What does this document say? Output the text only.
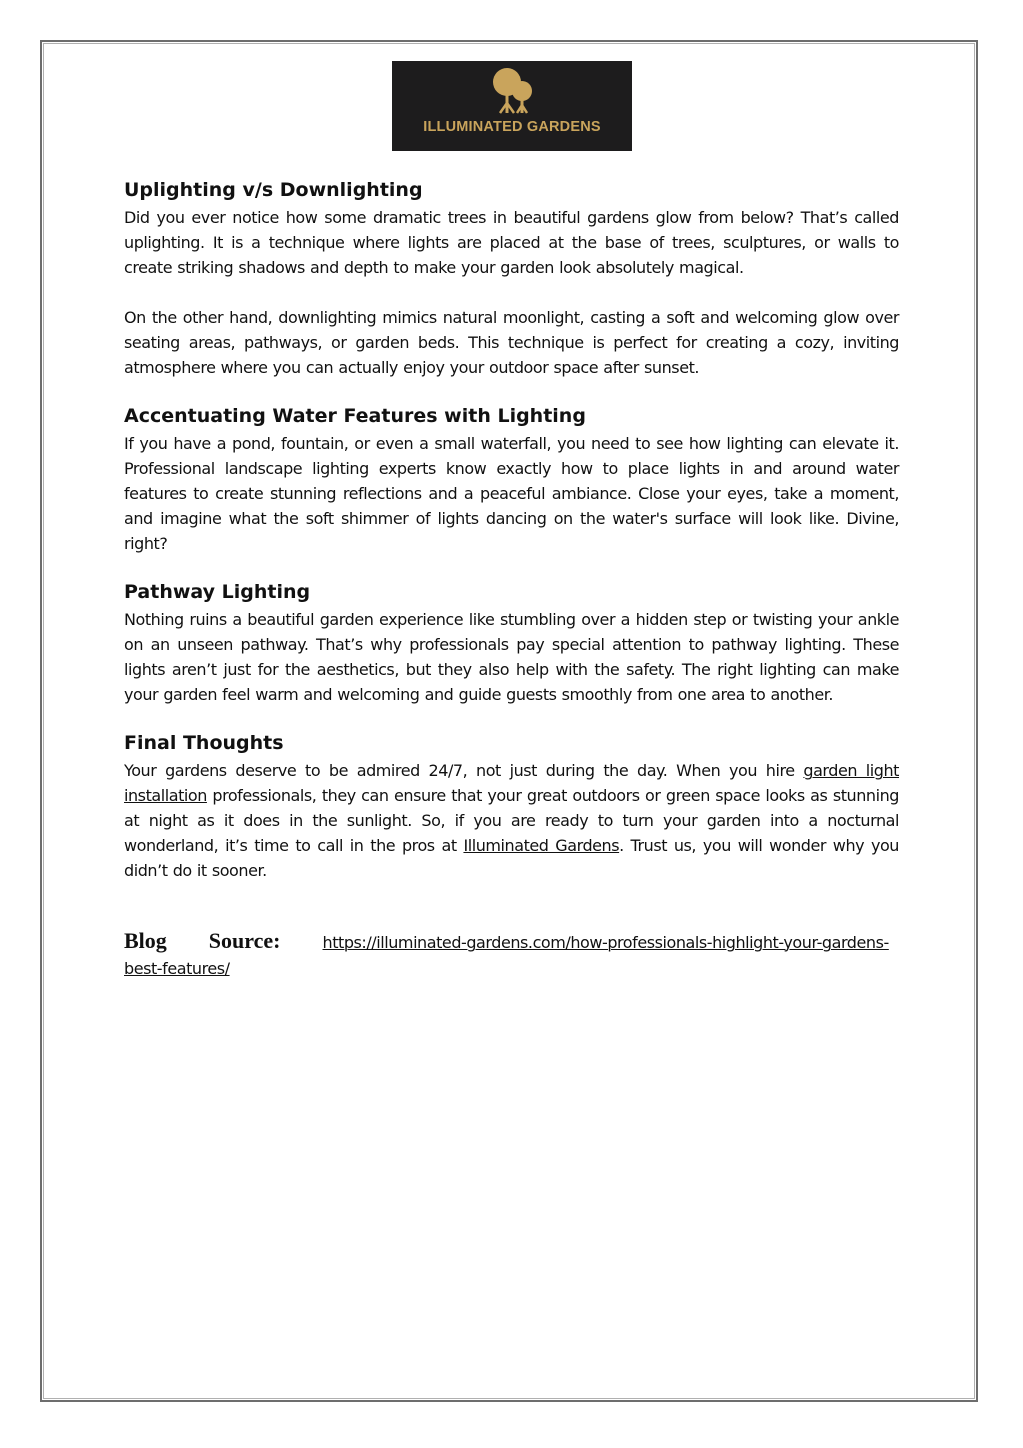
ILLUMINATED GARDENS
Uplighting v/s Downlighting

Did you ever notice how some dramatic trees in beautiful gardens glow from below? That’s called uplighting. It is a technique where lights are placed at the base of trees, sculptures, or walls to create striking shadows and depth to make your garden look absolutely magical.

On the other hand, downlighting mimics natural moonlight, casting a soft and welcoming glow over seating areas, pathways, or garden beds. This technique is perfect for creating a cozy, inviting atmosphere where you can actually enjoy your outdoor space after sunset.

Accentuating Water Features with Lighting

If you have a pond, fountain, or even a small waterfall, you need to see how lighting can elevate it. Professional landscape lighting experts know exactly how to place lights in and around water features to create stunning reflections and a peaceful ambiance. Close your eyes, take a moment, and imagine what the soft shimmer of lights dancing on the water's surface will look like. Divine, right?

Pathway Lighting

Nothing ruins a beautiful garden experience like stumbling over a hidden step or twisting your ankle on an unseen pathway. That’s why professionals pay special attention to pathway lighting. These lights aren’t just for the aesthetics, but they also help with the safety. The right lighting can make your garden feel warm and welcoming and guide guests smoothly from one area to another.

Final Thoughts

Your gardens deserve to be admired 24/7, not just during the day. When you hire garden light installation professionals, they can ensure that your great outdoors or green space looks as stunning at night as it does in the sunlight. So, if you are ready to turn your garden into a nocturnal wonderland, it’s time to call in the pros at Illuminated Gardens. Trust us, you will wonder why you didn’t do it sooner.

Blog Source:	https://illuminated-gardens.com/how-professionals-highlight-your-gardens-best-features/
